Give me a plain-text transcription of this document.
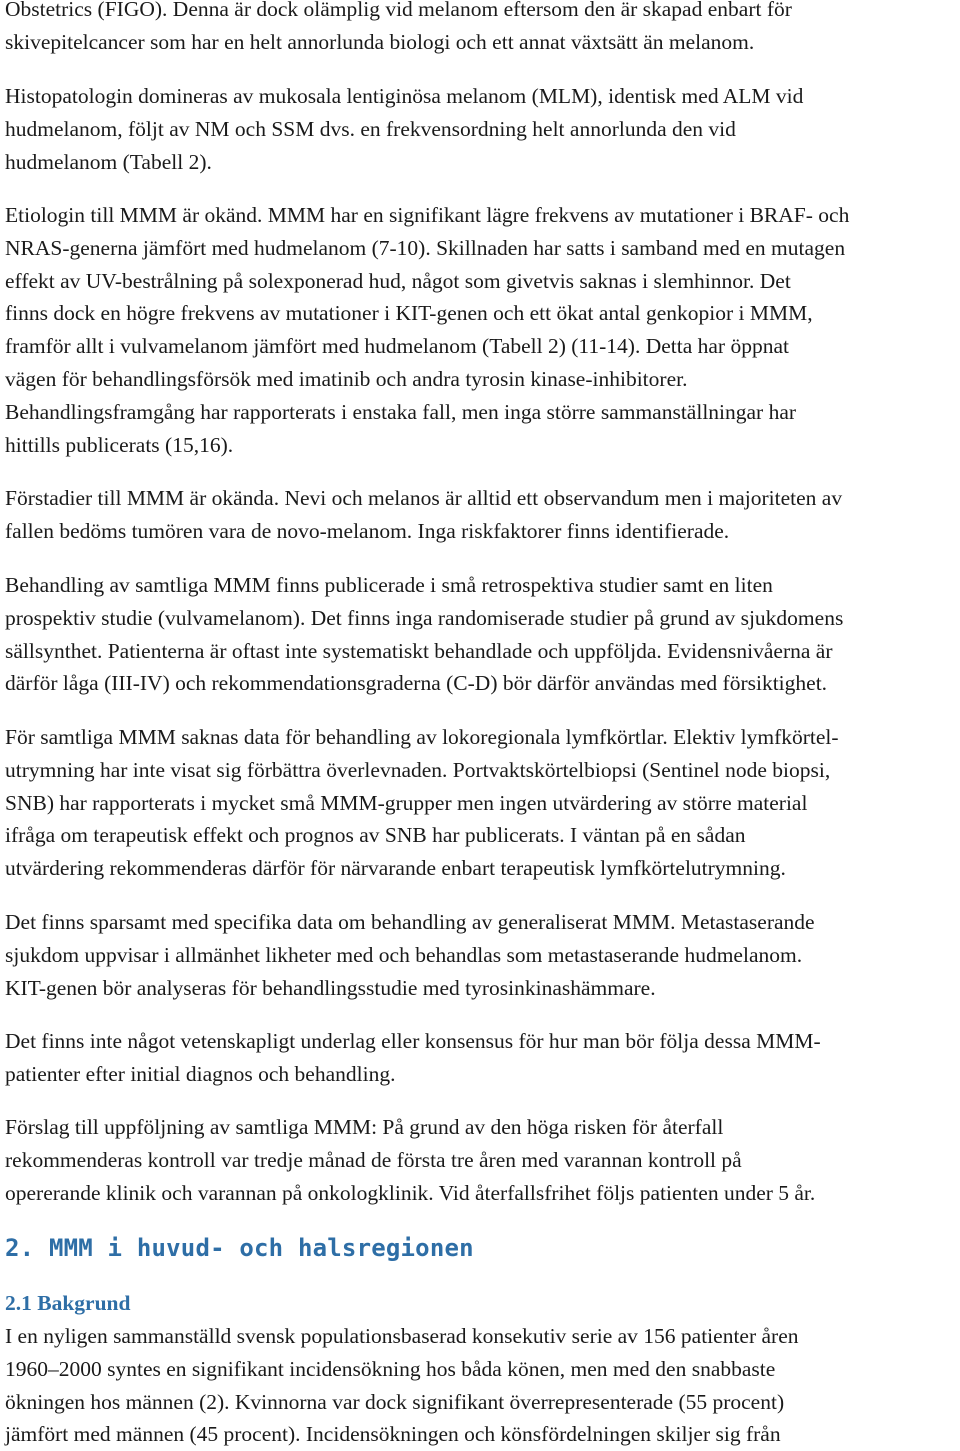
Obstetrics (FIGO). Denna är dock olämplig vid melanom eftersom den är skapad enbart för
skivepitelcancer som har en helt annorlunda biologi och ett annat växtsätt än melanom.

Histopatologin domineras av mukosala lentiginösa melanom (MLM), identisk med ALM vid
hudmelanom, följt av NM och SSM dvs. en frekvensordning helt annorlunda den vid
hudmelanom (Tabell 2).

Etiologin till MMM är okänd. MMM har en signifikant lägre frekvens av mutationer i BRAF- och
NRAS-generna jämfört med hudmelanom (7-10). Skillnaden har satts i samband med en mutagen
effekt av UV-bestrålning på solexponerad hud, något som givetvis saknas i slemhinnor. Det
finns dock en högre frekvens av mutationer i KIT-genen och ett ökat antal genkopior i MMM,
framför allt i vulvamelanom jämfört med hudmelanom (Tabell 2) (11-14). Detta har öppnat
vägen för behandlingsförsök med imatinib och andra tyrosin kinase-inhibitorer.
Behandlingsframgång har rapporterats i enstaka fall, men inga större sammanställningar har
hittills publicerats (15,16).

Förstadier till MMM är okända. Nevi och melanos är alltid ett observandum men i majoriteten av
fallen bedöms tumören vara de novo-melanom. Inga riskfaktorer finns identifierade.

Behandling av samtliga MMM finns publicerade i små retrospektiva studier samt en liten
prospektiv studie (vulvamelanom). Det finns inga randomiserade studier på grund av sjukdomens
sällsynthet. Patienterna är oftast inte systematiskt behandlade och uppföljda. Evidensnivåerna är
därför låga (III-IV) och rekommendationsgraderna (C-D) bör därför användas med försiktighet.

För samtliga MMM saknas data för behandling av lokoregionala lymfkörtlar. Elektiv lymfkörtel-
utrymning har inte visat sig förbättra överlevnaden. Portvaktskörtelbiopsi (Sentinel node biopsi,
SNB) har rapporterats i mycket små MMM-grupper men ingen utvärdering av större material
ifråga om terapeutisk effekt och prognos av SNB har publicerats. I väntan på en sådan
utvärdering rekommenderas därför för närvarande enbart terapeutisk lymfkörtelutrymning.

Det finns sparsamt med specifika data om behandling av generaliserat MMM. Metastaserande
sjukdom uppvisar i allmänhet likheter med och behandlas som metastaserande hudmelanom.
KIT-genen bör analyseras för behandlingsstudie med tyrosinkinashämmare.

Det finns inte något vetenskapligt underlag eller konsensus för hur man bör följa dessa MMM-
patienter efter initial diagnos och behandling.

Förslag till uppföljning av samtliga MMM: På grund av den höga risken för återfall
rekommenderas kontroll var tredje månad de första tre åren med varannan kontroll på
opererande klinik och varannan på onkologklinik. Vid återfallsfrihet följs patienten under 5 år.

2. MMM i huvud- och halsregionen
2.1 Bakgrund

I en nyligen sammanställd svensk populationsbaserad konsekutiv serie av 156 patienter åren
1960–2000 syntes en signifikant incidensökning hos båda könen, men med den snabbaste
ökningen hos männen (2). Kvinnorna var dock signifikant överrepresenterade (55 procent)
jämfört med männen (45 procent). Incidensökningen och könsfördelningen skiljer sig från
